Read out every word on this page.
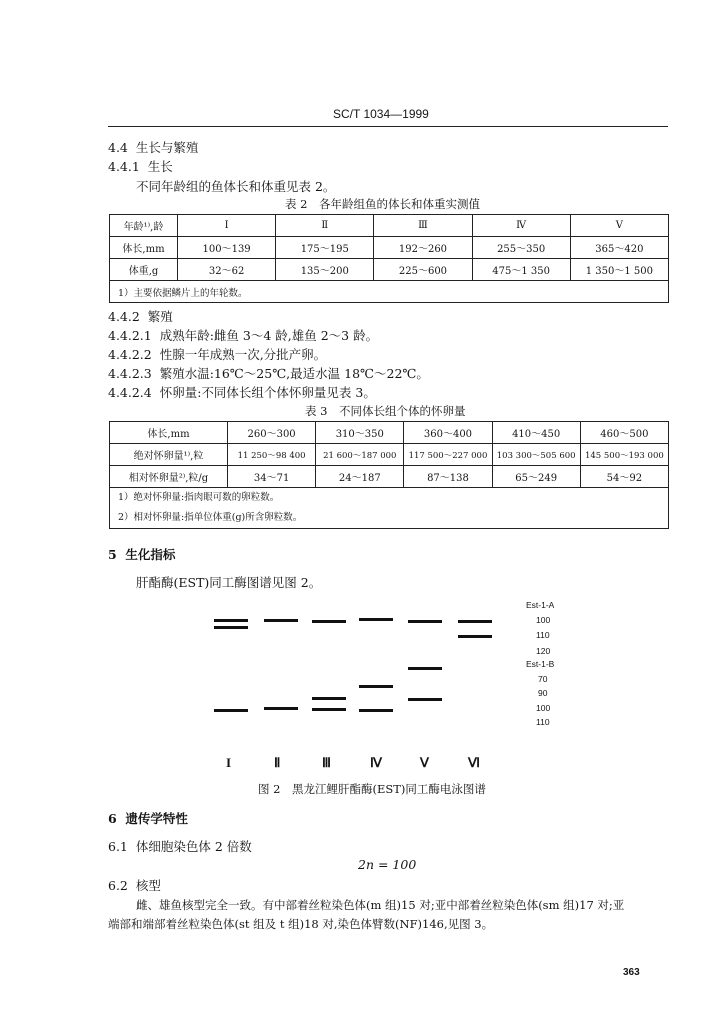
SC/T 1034—1999
4.4 生长与繁殖
4.4.1 生长
不同年龄组的鱼体长和体重见表 2。
表 2　各年龄组鱼的体长和体重实测值
年龄¹⁾,龄	I	Ⅱ	Ⅲ	Ⅳ	Ⅴ
体长,mm	100～139	175～195	192～260	255～350	365～420
体重,g	32～62	135～200	225～600	475～1 350	1 350～1 500
1）主要依据鳞片上的年轮数。					
4.4.2 繁殖
4.4.2.1 成熟年龄:雌鱼 3～4 龄,雄鱼 2～3 龄。
4.4.2.2 性腺一年成熟一次,分批产卵。
4.4.2.3 繁殖水温:16℃～25℃,最适水温 18℃～22℃。
4.4.2.4 怀卵量:不同体长组个体怀卵量见表 3。
表 3　不同体长组个体的怀卵量
体长,mm	260～300	310～350	360～400	410～450	460～500
绝对怀卵量¹⁾,粒	11 250～98 400	21 600～187 000	117 500～227 000	103 300～505 600	145 500～193 000
相对怀卵量²⁾,粒/g	34～71	24～187	87～138	65～249	54～92

1）绝对怀卵量:指肉眼可数的卵粒数。
2）相对怀卵量:指单位体重(g)所含卵粒数。					
5 生化指标
肝酯酶(EST)同工酶图谱见图 2。
Est-1-A
100
110
120
Est-1-B
70
90
100
110
I	Ⅱ	Ⅲ	Ⅳ	Ⅴ	Ⅵ
图 2　黑龙江鲤肝酯酶(EST)同工酶电泳图谱
6 遗传学特性
6.1 体细胞染色体 2 倍数
2n = 100
6.2 核型
雌、雄鱼核型完全一致。有中部着丝粒染色体(m 组)15 对;亚中部着丝粒染色体(sm 组)17 对;亚
端部和端部着丝粒染色体(st 组及 t 组)18 对,染色体臂数(NF)146,见图 3。
363
